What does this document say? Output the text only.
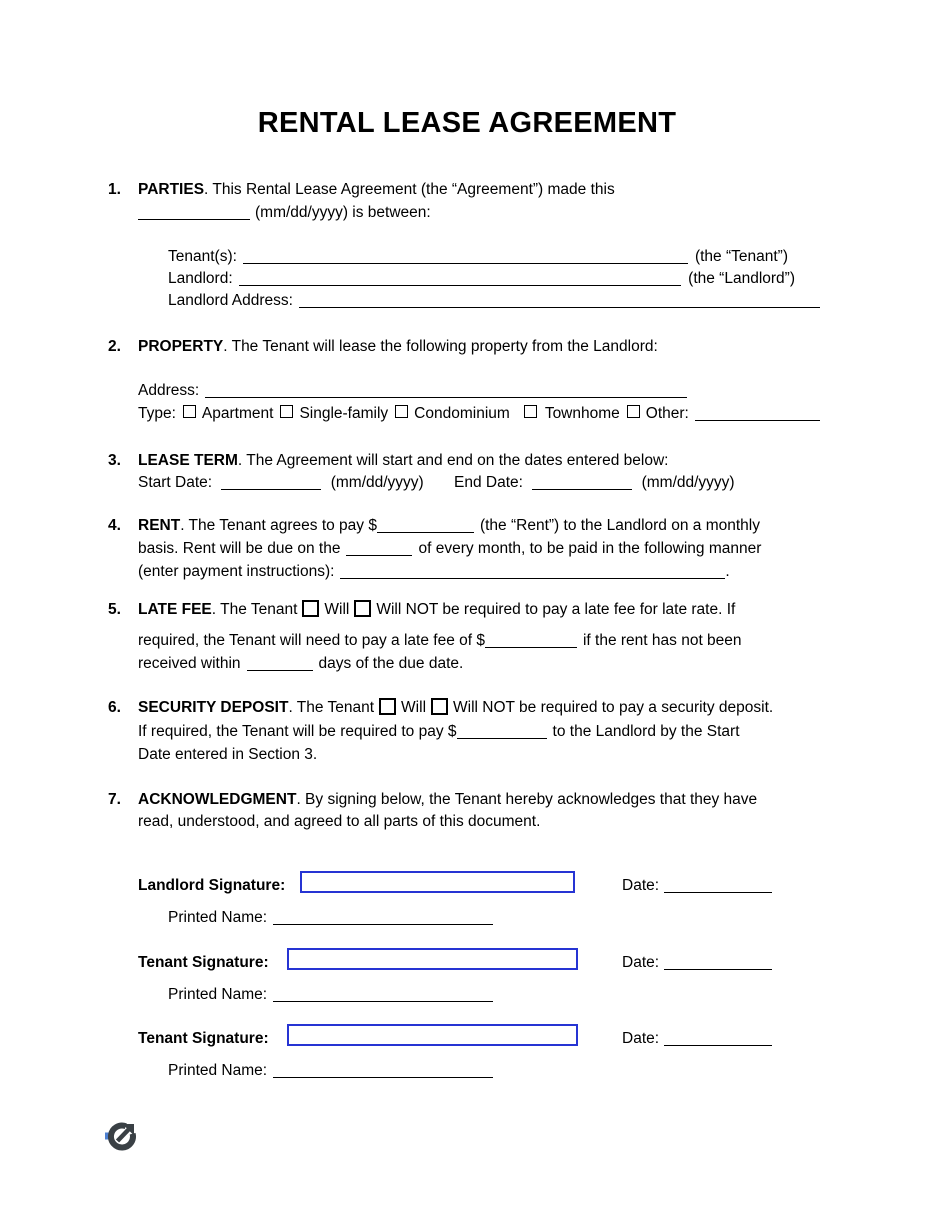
RENTAL LEASE AGREEMENT
1. PARTIES. This Rental Lease Agreement (the “Agreement”) made this
(mm/dd/yyyy) is between:
Tenant(s):	(the “Tenant”)
Landlord:	(the “Landlord”)
Landlord Address:
2. PROPERTY. The Tenant will lease the following property from the Landlord:
Address:
Type: Apartment Single-family Condominium Townhome Other:
3. LEASE TERM. The Agreement will start and end on the dates entered below:
Start Date:	(mm/dd/yyyy) End Date:	(mm/dd/yyyy)
4. RENT. The Tenant agrees to pay $	(the “Rent”) to the Landlord on a monthly
basis. Rent will be due on the	of every month, to be paid in the following manner
(enter payment instructions):	.
5. LATE FEE. The Tenant Will Will NOT be required to pay a late fee for late rate. If
required, the Tenant will need to pay a late fee of $	if the rent has not been
received within	days of the due date.
6. SECURITY DEPOSIT. The Tenant Will Will NOT be required to pay a security deposit.
If required, the Tenant will be required to pay $	to the Landlord by the Start
Date entered in Section 3.
7. ACKNOWLEDGMENT. By signing below, the Tenant hereby acknowledges that they have
read, understood, and agreed to all parts of this document.
Landlord Signature:	Date:
Printed Name:
Tenant Signature:	Date:
Printed Name:
Tenant Signature:	Date:
Printed Name:
